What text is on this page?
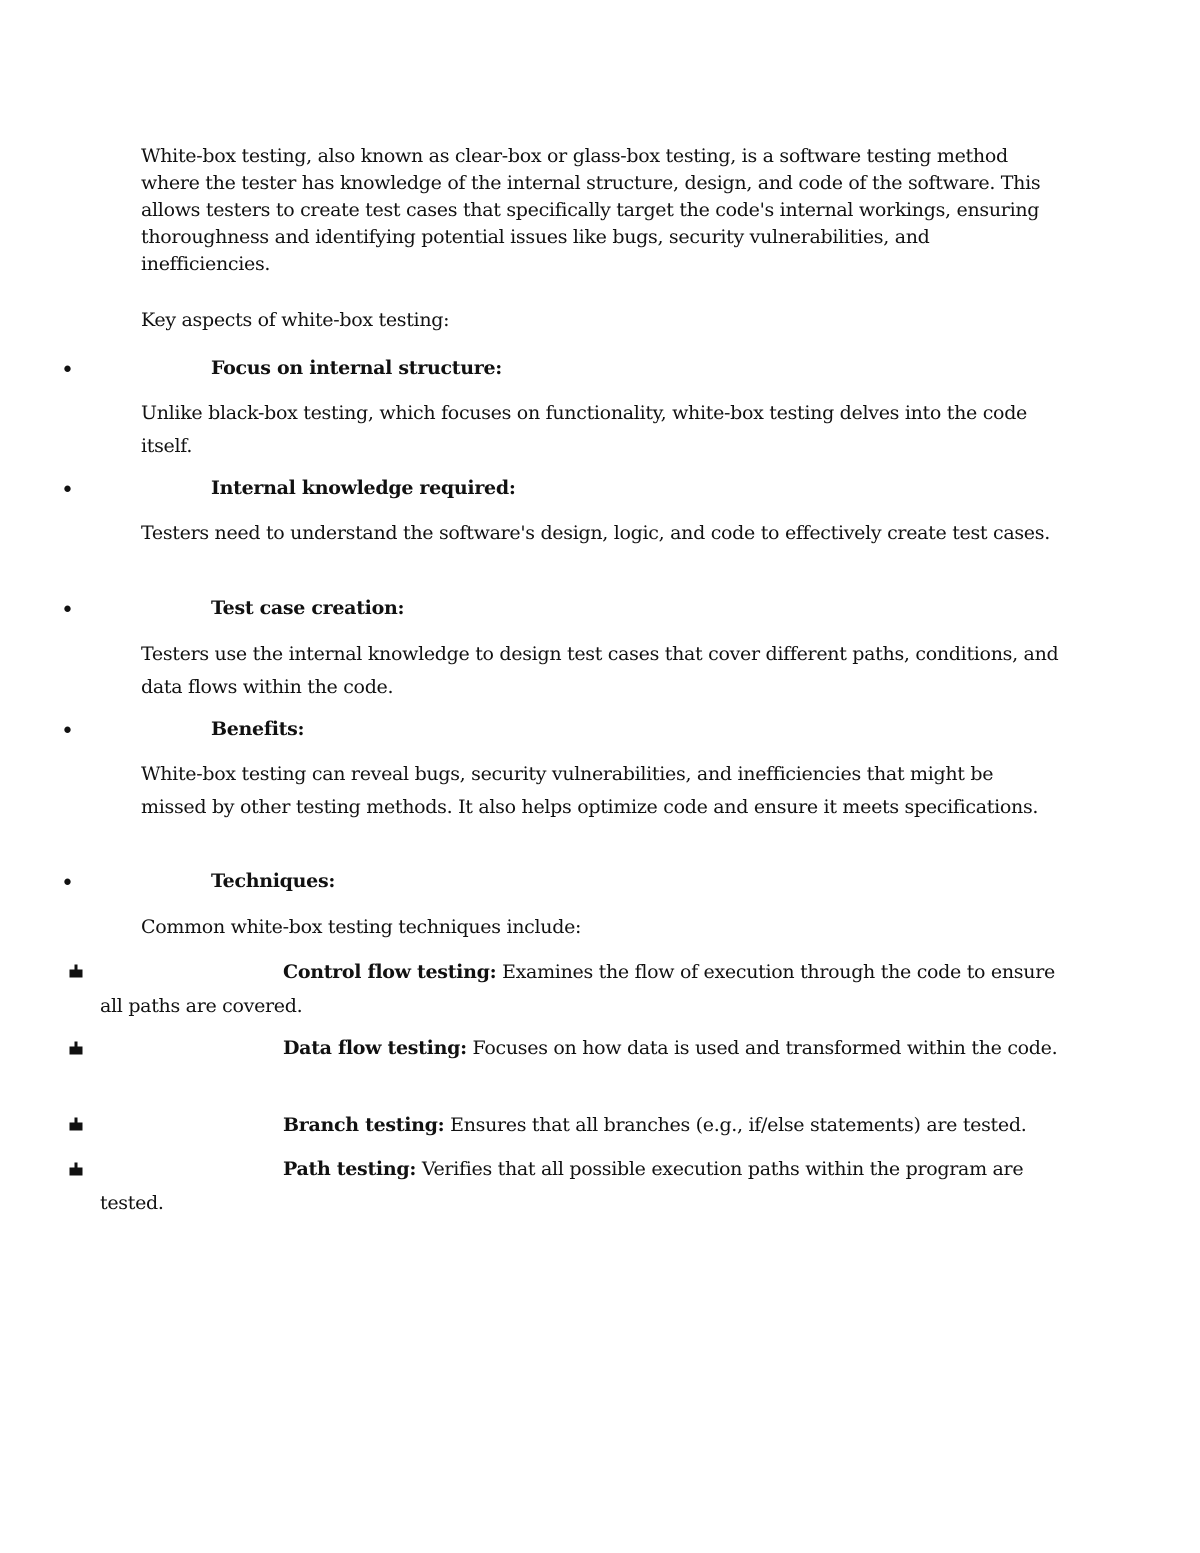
White-box testing, also known as clear-box or glass-box testing, is a software testing method
where the tester has knowledge of the internal structure, design, and code of the software. This
allows testers to create test cases that specifically target the code's internal workings, ensuring
thoroughness and identifying potential issues like bugs, security vulnerabilities, and
inefficiencies.
Key aspects of white-box testing:
•	Focus on internal structure:
Unlike black-box testing, which focuses on functionality, white-box testing delves into the code itself.
•	Internal knowledge required:
Testers need to understand the software's design, logic, and code to effectively create test cases.
•	Test case creation:
Testers use the internal knowledge to design test cases that cover different paths, conditions, and data flows within the code.
•	Benefits:
White-box testing can reveal bugs, security vulnerabilities, and inefficiencies that might be missed by other testing methods. It also helps optimize code and ensure it meets specifications.
•	Techniques:
Common white-box testing techniques include:
Control flow testing: Examines the flow of execution through the code to ensure all paths are covered.
Data flow testing: Focuses on how data is used and transformed within the code.
Branch testing: Ensures that all branches (e.g., if/else statements) are tested.
Path testing: Verifies that all possible execution paths within the program are tested.
